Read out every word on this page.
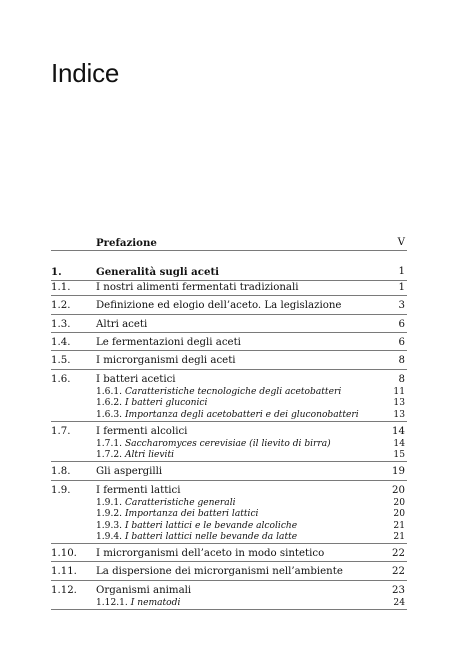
Indice
Prefazione	V
1.	Generalità sugli aceti	1
1.1.	I nostri alimenti fermentati tradizionali	1
1.2.	Definizione ed elogio dell’aceto. La legislazione	3
1.3.	Altri aceti	6
1.4.	Le fermentazioni degli aceti	6
1.5.	I microrganismi degli aceti	8
1.6.	I batteri acetici	8
1.6.1. Caratteristiche tecnologiche degli acetobatteri	11
1.6.2. I batteri gluconici	13
1.6.3. Importanza degli acetobatteri e dei gluconobatteri	13
1.7.	I fermenti alcolici	14
1.7.1. Saccharomyces cerevisiae (il lievito di birra)	14
1.7.2. Altri lieviti	15
1.8.	Gli aspergilli	19
1.9.	I fermenti lattici	20
1.9.1. Caratteristiche generali	20
1.9.2. Importanza dei batteri lattici	20
1.9.3. I batteri lattici e le bevande alcoliche	21
1.9.4. I batteri lattici nelle bevande da latte	21
1.10. I microrganismi dell’aceto in modo sintetico	22
1.11. La dispersione dei microrganismi nell’ambiente	22
1.12. Organismi animali	23
1.12.1. I nematodi	24
